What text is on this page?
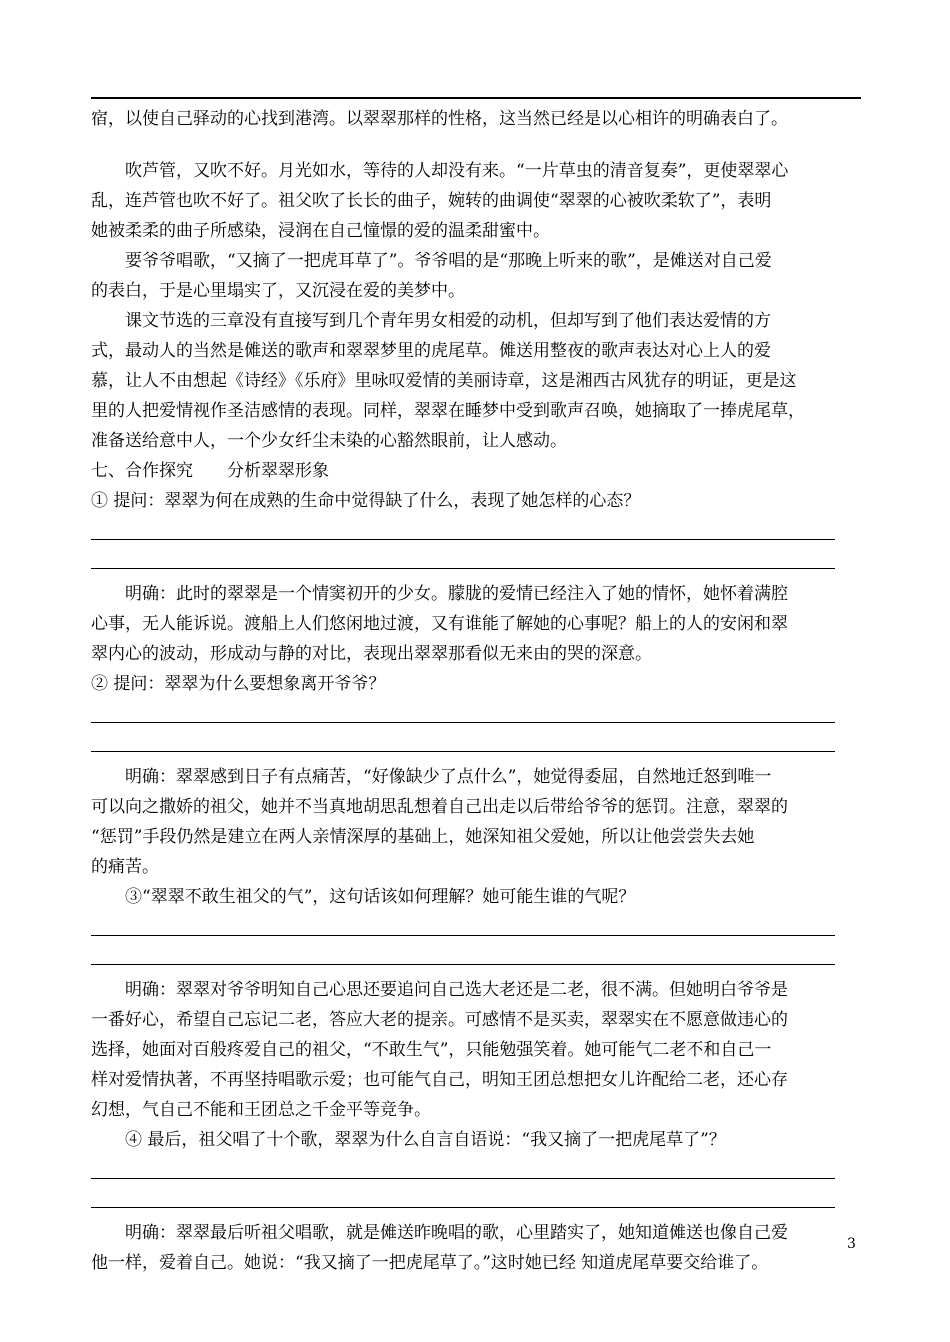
宿，以使自己驿动的心找到港湾。以翠翠那样的性格，这当然已经是以心相许的明确表白了。
吹芦管，又吹不好。月光如水，等待的人却没有来。“一片草虫的清音复奏”，更使翠翠心
乱，连芦管也吹不好了。祖父吹了长长的曲子，婉转的曲调使“翠翠的心被吹柔软了”，表明
她被柔柔的曲子所感染，浸润在自己憧憬的爱的温柔甜蜜中。
要爷爷唱歌，“又摘了一把虎耳草了”。爷爷唱的是“那晚上听来的歌”，是傩送对自己爱
的表白，于是心里塌实了，又沉浸在爱的美梦中。
课文节选的三章没有直接写到几个青年男女相爱的动机，但却写到了他们表达爱情的方
式，最动人的当然是傩送的歌声和翠翠梦里的虎尾草。傩送用整夜的歌声表达对心上人的爱
慕，让人不由想起《诗经》《乐府》里咏叹爱情的美丽诗章，这是湘西古风犹存的明证，更是这
里的人把爱情视作圣洁感情的表现。同样，翠翠在睡梦中受到歌声召唤，她摘取了一捧虎尾草，
准备送给意中人，一个少女纤尘未染的心豁然眼前，让人感动。
七、合作探究　　分析翠翠形象
① 提问：翠翠为何在成熟的生命中觉得缺了什么，表现了她怎样的心态？
明确：此时的翠翠是一个情窦初开的少女。朦胧的爱情已经注入了她的情怀，她怀着满腔
心事，无人能诉说。渡船上人们悠闲地过渡，又有谁能了解她的心事呢？船上的人的安闲和翠
翠内心的波动，形成动与静的对比，表现出翠翠那看似无来由的哭的深意。
② 提问：翠翠为什么要想象离开爷爷？
明确：翠翠感到日子有点痛苦，“好像缺少了点什么”，她觉得委屈，自然地迁怒到唯一
可以向之撒娇的祖父，她并不当真地胡思乱想着自己出走以后带给爷爷的惩罚。注意，翠翠的
“惩罚”手段仍然是建立在两人亲情深厚的基础上，她深知祖父爱她，所以让他尝尝失去她
的痛苦。
③“翠翠不敢生祖父的气”，这句话该如何理解？她可能生谁的气呢？
明确：翠翠对爷爷明知自己心思还要追问自己选大老还是二老，很不满。但她明白爷爷是
一番好心，希望自己忘记二老，答应大老的提亲。可感情不是买卖，翠翠实在不愿意做违心的
选择，她面对百般疼爱自己的祖父，“不敢生气”，只能勉强笑着。她可能气二老不和自己一
样对爱情执著，不再坚持唱歌示爱；也可能气自己，明知王团总想把女儿许配给二老，还心存
幻想，气自己不能和王团总之千金平等竞争。
④ 最后，祖父唱了十个歌，翠翠为什么自言自语说：“我又摘了一把虎尾草了”？
明确：翠翠最后听祖父唱歌，就是傩送昨晚唱的歌，心里踏实了，她知道傩送也像自己爱
他一样，爱着自己。她说：“我又摘了一把虎尾草了。”这时她已经 知道虎尾草要交给谁了。
3
